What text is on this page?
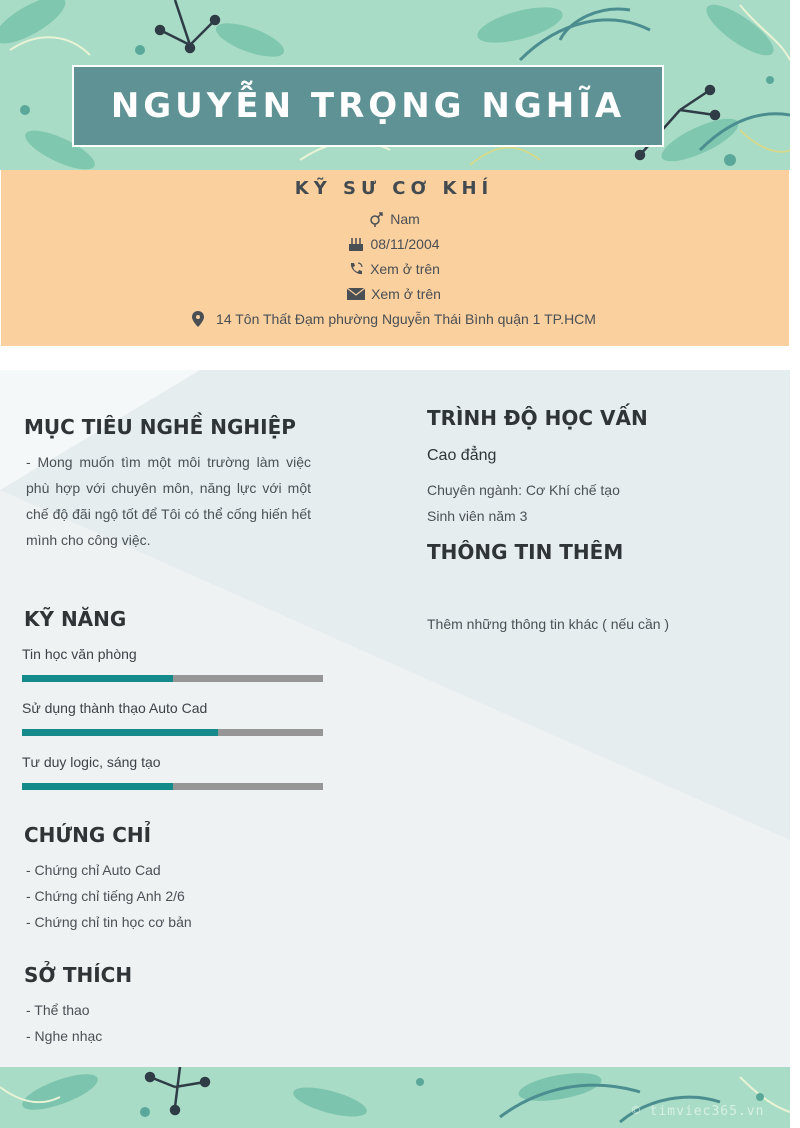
NGUYỄN TRỌNG NGHĨA
KỸ SƯ CƠ KHÍ
Nam
08/11/2004
Xem ở trên
Xem ở trên
14 Tôn Thất Đạm phường Nguyễn Thái Bình quận 1 TP.HCM
MỤC TIÊU NGHỀ NGHIỆP
- Mong muốn tìm một môi trường làm việc phù hợp với chuyên môn, năng lực với một chế độ đãi ngộ tốt để Tôi có thể cống hiến hết mình cho công việc.
KỸ NĂNG
Tin học văn phòng
Sử dụng thành thạo Auto Cad
Tư duy logic, sáng tạo
CHỨNG CHỈ
- Chứng chỉ Auto Cad
- Chứng chỉ tiếng Anh 2/6
- Chứng chỉ tin học cơ bản
SỞ THÍCH
- Thể thao
- Nghe nhạc
TRÌNH ĐỘ HỌC VẤN
Cao đẳng
Chuyên ngành: Cơ Khí chế tạo
Sinh viên năm 3
THÔNG TIN THÊM
Thêm những thông tin khác ( nếu cần )
© timviec365.vn
